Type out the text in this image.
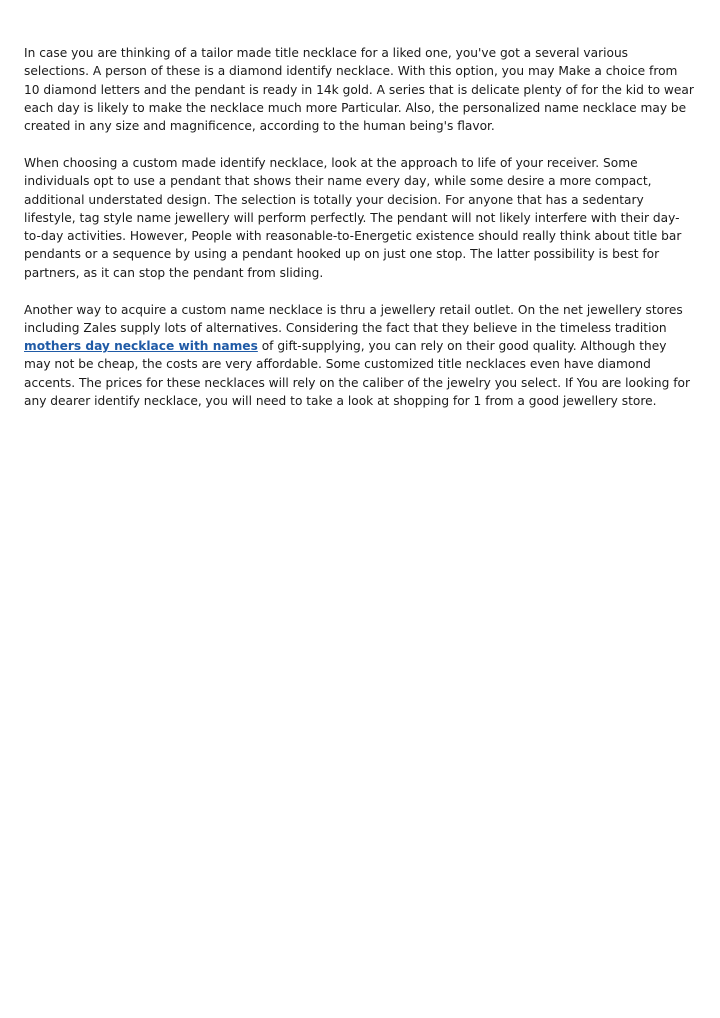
In case you are thinking of a tailor made title necklace for a liked one, you've got a several various selections. A person of these is a diamond identify necklace. With this option, you may Make a choice from 10 diamond letters and the pendant is ready in 14k gold. A series that is delicate plenty of for the kid to wear each day is likely to make the necklace much more Particular. Also, the personalized name necklace may be created in any size and magnificence, according to the human being's flavor.

When choosing a custom made identify necklace, look at the approach to life of your receiver. Some individuals opt to use a pendant that shows their name every day, while some desire a more compact, additional understated design. The selection is totally your decision. For anyone that has a sedentary lifestyle, tag style name jewellery will perform perfectly. The pendant will not likely interfere with their day-to-day activities. However, People with reasonable-to-Energetic existence should really think about title bar pendants or a sequence by using a pendant hooked up on just one stop. The latter possibility is best for partners, as it can stop the pendant from sliding.

Another way to acquire a custom name necklace is thru a jewellery retail outlet. On the net jewellery stores including Zales supply lots of alternatives. Considering the fact that they believe in the timeless tradition mothers day necklace with names of gift-supplying, you can rely on their good quality. Although they may not be cheap, the costs are very affordable. Some customized title necklaces even have diamond accents. The prices for these necklaces will rely on the caliber of the jewelry you select. If You are looking for any dearer identify necklace, you will need to take a look at shopping for 1 from a good jewellery store.
